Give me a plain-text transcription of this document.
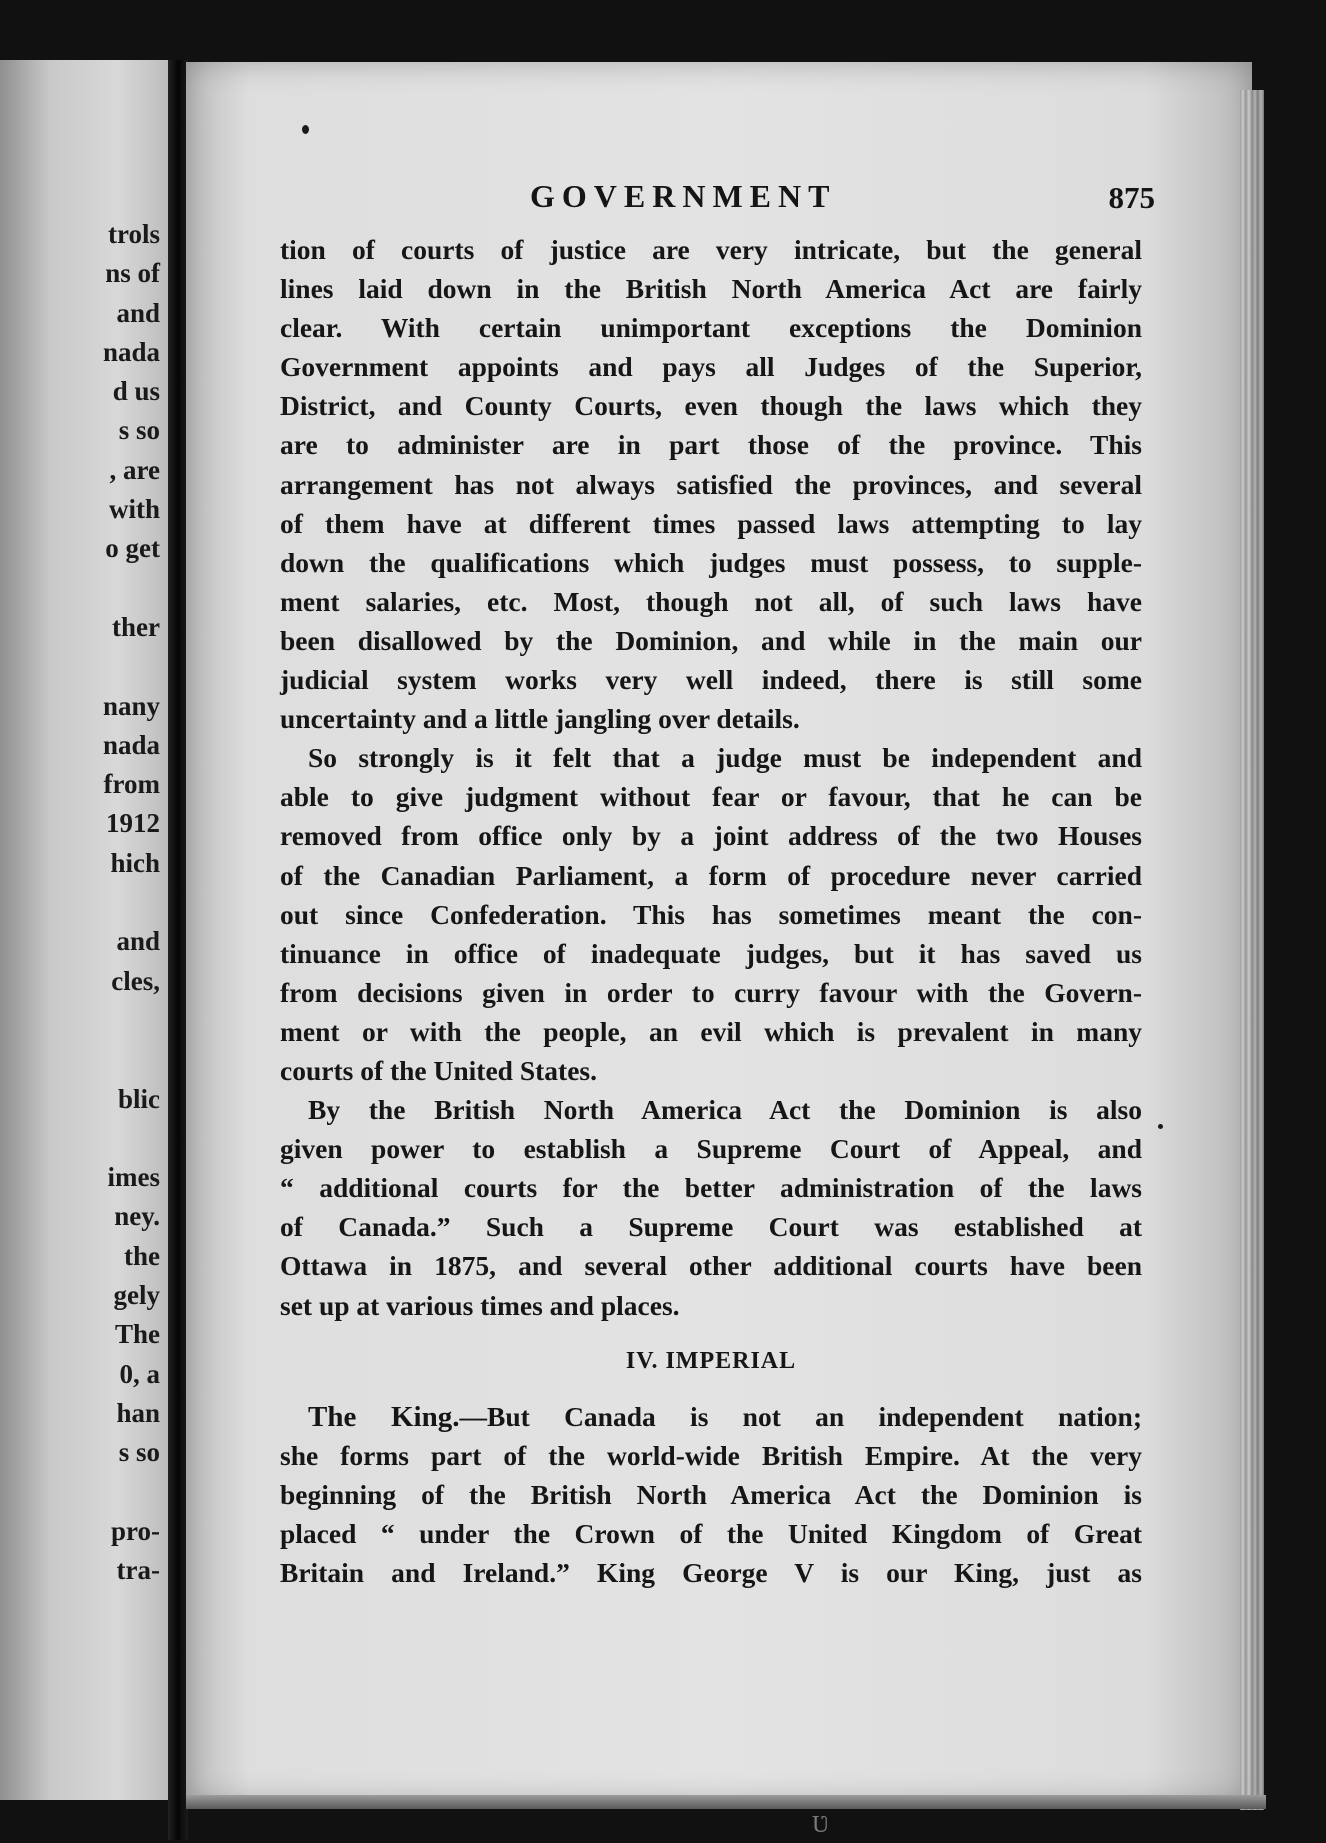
trols
ns of
and
nada
d us
s so
, are
with
o get
ther
nany
nada
from
1912
hich
and
cles,
blic
imes
ney.
the
gely
The
0, a
han
s so
pro-
tra-
GOVERNMENT	875
tion of courts of justice are very intricate, but the general
lines laid down in the British North America Act are fairly
clear. With certain unimportant exceptions the Dominion
Government appoints and pays all Judges of the Superior,
District, and County Courts, even though the laws which they
are to administer are in part those of the province. This
arrangement has not always satisfied the provinces, and several
of them have at different times passed laws attempting to lay
down the qualifications which judges must possess, to supple-
ment salaries, etc. Most, though not all, of such laws have
been disallowed by the Dominion, and while in the main our
judicial system works very well indeed, there is still some
uncertainty and a little jangling over details.
So strongly is it felt that a judge must be independent and
able to give judgment without fear or favour, that he can be
removed from office only by a joint address of the two Houses
of the Canadian Parliament, a form of procedure never carried
out since Confederation. This has sometimes meant the con-
tinuance in office of inadequate judges, but it has saved us
from decisions given in order to curry favour with the Govern-
ment or with the people, an evil which is prevalent in many
courts of the United States.
By the British North America Act the Dominion is also
given power to establish a Supreme Court of Appeal, and
“ additional courts for the better administration of the laws
of Canada.” Such a Supreme Court was established at
Ottawa in 1875, and several other additional courts have been
set up at various times and places.
IV. IMPERIAL
The King.—But Canada is not an independent nation;
she forms part of the world-wide British Empire. At the very
beginning of the British North America Act the Dominion is
placed “ under the Crown of the United Kingdom of Great
Britain and Ireland.” King George V is our King, just as
Ʋ
